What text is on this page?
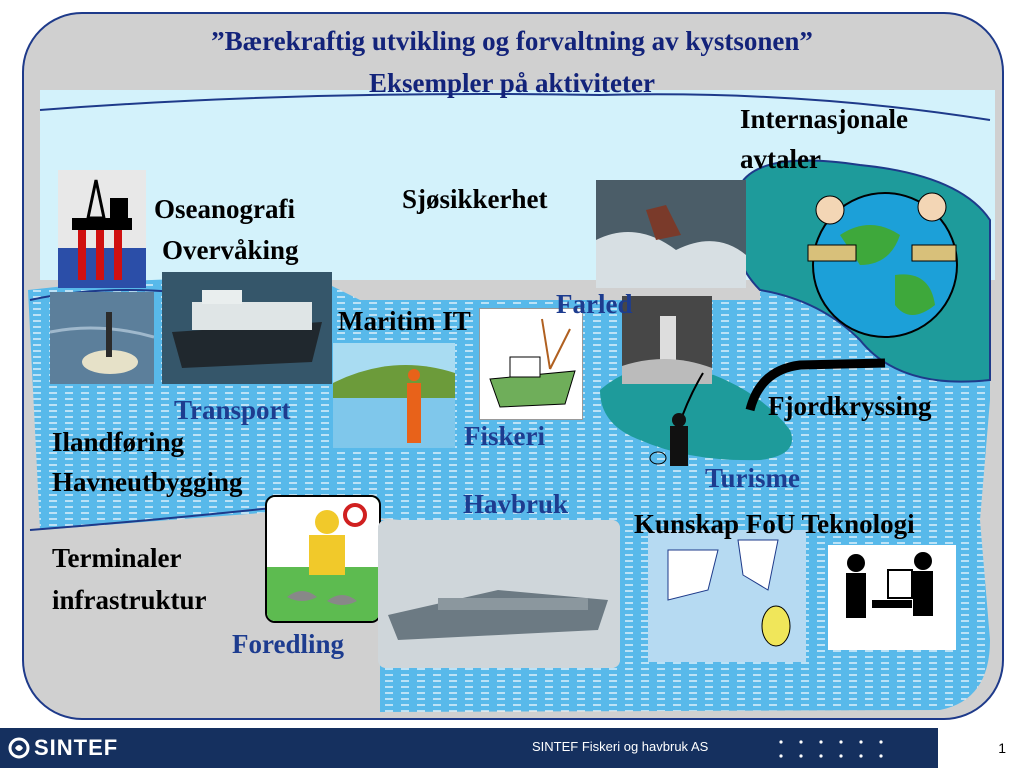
”Bærekraftig utvikling og forvaltning av kystsonen”
Eksempler på aktiviteter
Internasjonale
avtaler
Oseanografi
Overvåking
Sjøsikkerhet
Farled
Maritim IT
Transport
Fiskeri
Fjordkryssing
Ilandføring
Havneutbygging	Turisme
Havbruk
Kunskap FoU Teknologi
Terminaler
infrastruktur
Foredling
SINTEF	SINTEF Fiskeri og havbruk AS	1
